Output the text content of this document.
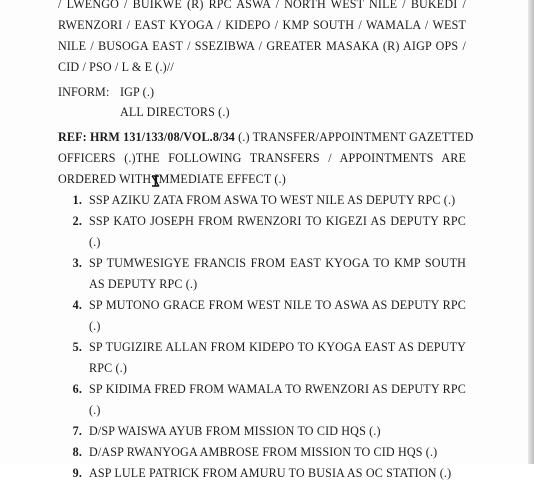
/ LWENGO / BUIKWE (R) RPC ASWA / NORTH WEST NILE / BUKEDI /
RWENZORI / EAST KYOGA / KIDEPO / KMP SOUTH / WAMALA / WEST
NILE / BUSOGA EAST / SSEZIBWA / GREATER MASAKA (R) AIGP OPS /
CID / PSO / L & E (.)//
INFORM: IGP (.)
ALL DIRECTORS (.)
REF: HRM 131/133/08/VOL.8/34 (.) TRANSFER/APPOINTMENT GAZETTED
OFFICERS (.)THE FOLLOWING TRANSFERS / APPOINTMENTS ARE
ORDERED WITH IMMEDIATE EFFECT (.)
1. SSP AZIKU ZATA FROM ASWA TO WEST NILE AS DEPUTY RPC (.)
2. SSP KATO JOSEPH FROM RWENZORI TO KIGEZI AS DEPUTY RPC
(.)
3. SP TUMWESIGYE FRANCIS FROM EAST KYOGA TO KMP SOUTH
AS DEPUTY RPC (.)
4. SP MUTONO GRACE FROM WEST NILE TO ASWA AS DEPUTY RPC
(.)
5. SP TUGIZIRE ALLAN FROM KIDEPO TO KYOGA EAST AS DEPUTY
RPC (.)
6. SP KIDIMA FRED FROM WAMALA TO RWENZORI AS DEPUTY RPC
(.)
7. D/SP WAISWA AYUB FROM MISSION TO CID HQS (.)
8. D/ASP RWANYOGA AMBROSE FROM MISSION TO CID HQS (.)
9. ASP LULE PATRICK FROM AMURU TO BUSIA AS OC STATION (.)
